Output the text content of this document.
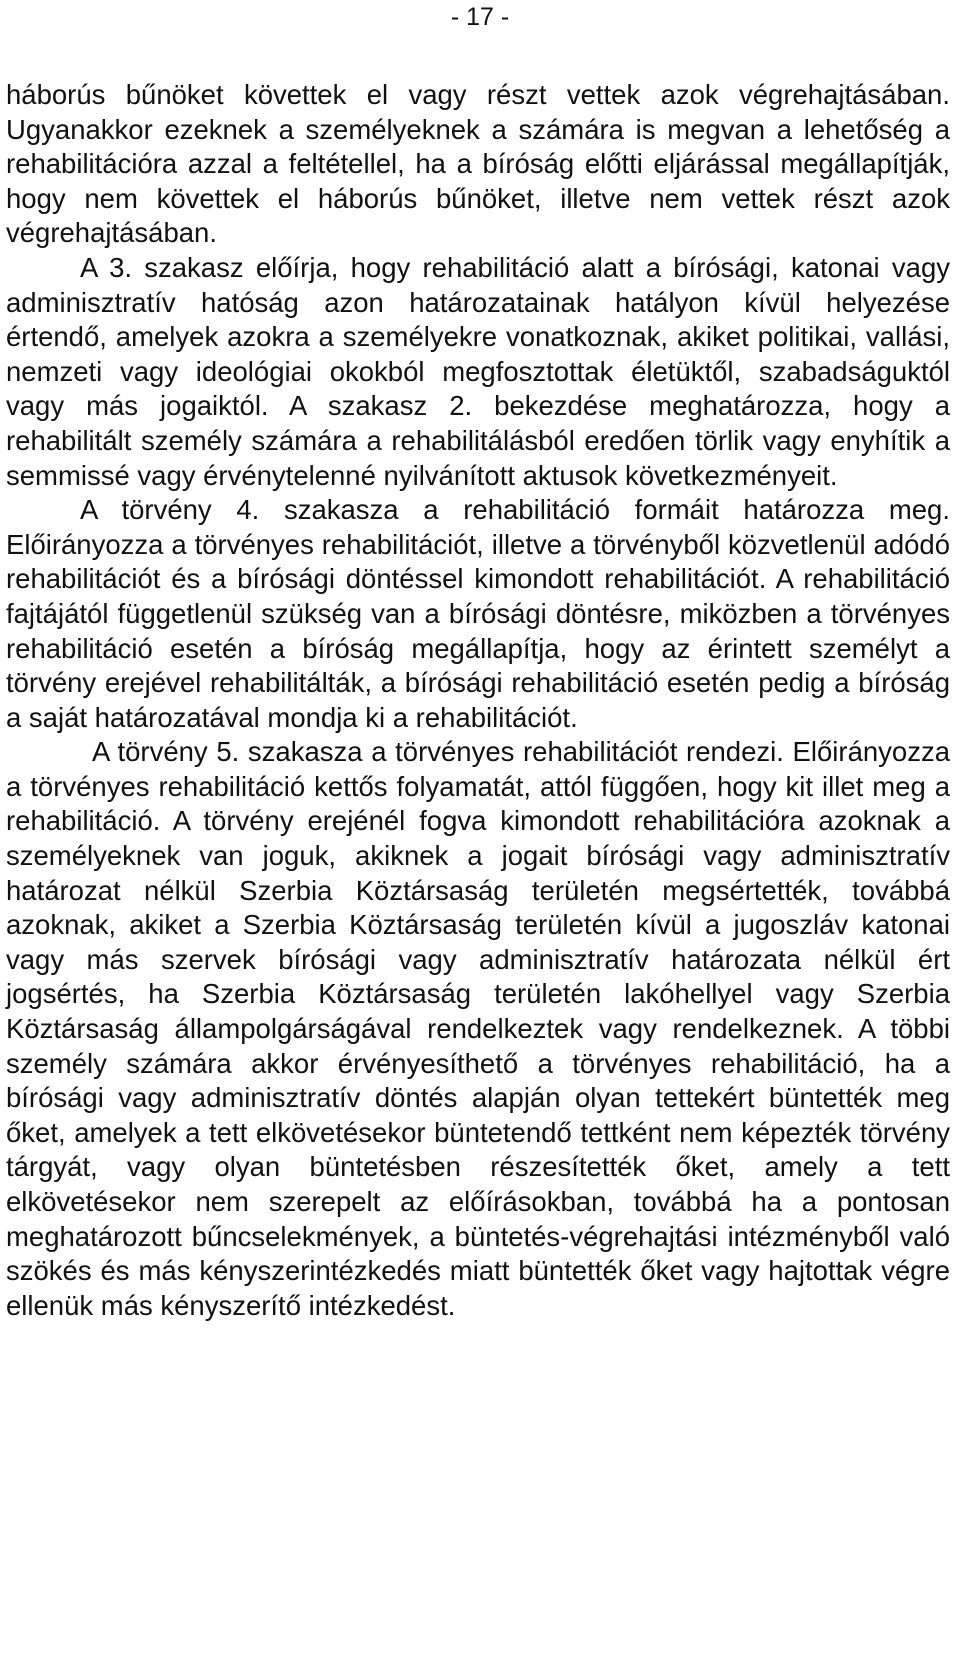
- 17 -

háborús bűnöket követtek el vagy részt vettek azok végrehajtásában. Ugyanakkor ezeknek a személyeknek a számára is megvan a lehetőség a rehabilitációra azzal a feltétellel, ha a bíróság előtti eljárással megállapítják, hogy nem követtek el háborús bűnöket, illetve nem vettek részt azok végrehajtásában.

A 3. szakasz előírja, hogy rehabilitáció alatt a bírósági, katonai vagy adminisztratív hatóság azon határozatainak hatályon kívül helyezése értendő, amelyek azokra a személyekre vonatkoznak, akiket politikai, vallási, nemzeti vagy ideológiai okokból megfosztottak életüktől, szabadságuktól vagy más jogaiktól. A szakasz 2. bekezdése meghatározza, hogy a rehabilitált személy számára a rehabilitálásból eredően törlik vagy enyhítik a semmissé vagy érvénytelenné nyilvánított aktusok következményeit.

A törvény 4. szakasza a rehabilitáció formáit határozza meg. Előirányozza a törvényes rehabilitációt, illetve a törvényből közvetlenül adódó rehabilitációt és a bírósági döntéssel kimondott rehabilitációt. A rehabilitáció fajtájától függetlenül szükség van a bírósági döntésre, miközben a törvényes rehabilitáció esetén a bíróság megállapítja, hogy az érintett személyt a törvény erejével rehabilitálták, a bírósági rehabilitáció esetén pedig a bíróság a saját határozatával mondja ki a rehabilitációt.

A törvény 5. szakasza a törvényes rehabilitációt rendezi. Előirányozza a törvényes rehabilitáció kettős folyamatát, attól függően, hogy kit illet meg a rehabilitáció. A törvény erejénél fogva kimondott rehabilitációra azoknak a személyeknek van joguk, akiknek a jogait bírósági vagy adminisztratív határozat nélkül Szerbia Köztársaság területén megsértették, továbbá azoknak, akiket a Szerbia Köztársaság területén kívül a jugoszláv katonai vagy más szervek bírósági vagy adminisztratív határozata nélkül ért jogsértés, ha Szerbia Köztársaság területén lakóhellyel vagy Szerbia Köztársaság állampolgárságával rendelkeztek vagy rendelkeznek. A többi személy számára akkor érvényesíthető a törvényes rehabilitáció, ha a bírósági vagy adminisztratív döntés alapján olyan tettekért büntették meg őket, amelyek a tett elkövetésekor büntetendő tettként nem képezték törvény tárgyát, vagy olyan büntetésben részesítették őket, amely a tett elkövetésekor nem szerepelt az előírásokban, továbbá ha a pontosan meghatározott bűncselekmények, a büntetés-végrehajtási intézményből való szökés és más kényszerintézkedés miatt büntették őket vagy hajtottak végre ellenük más kényszerítő intézkedést.
